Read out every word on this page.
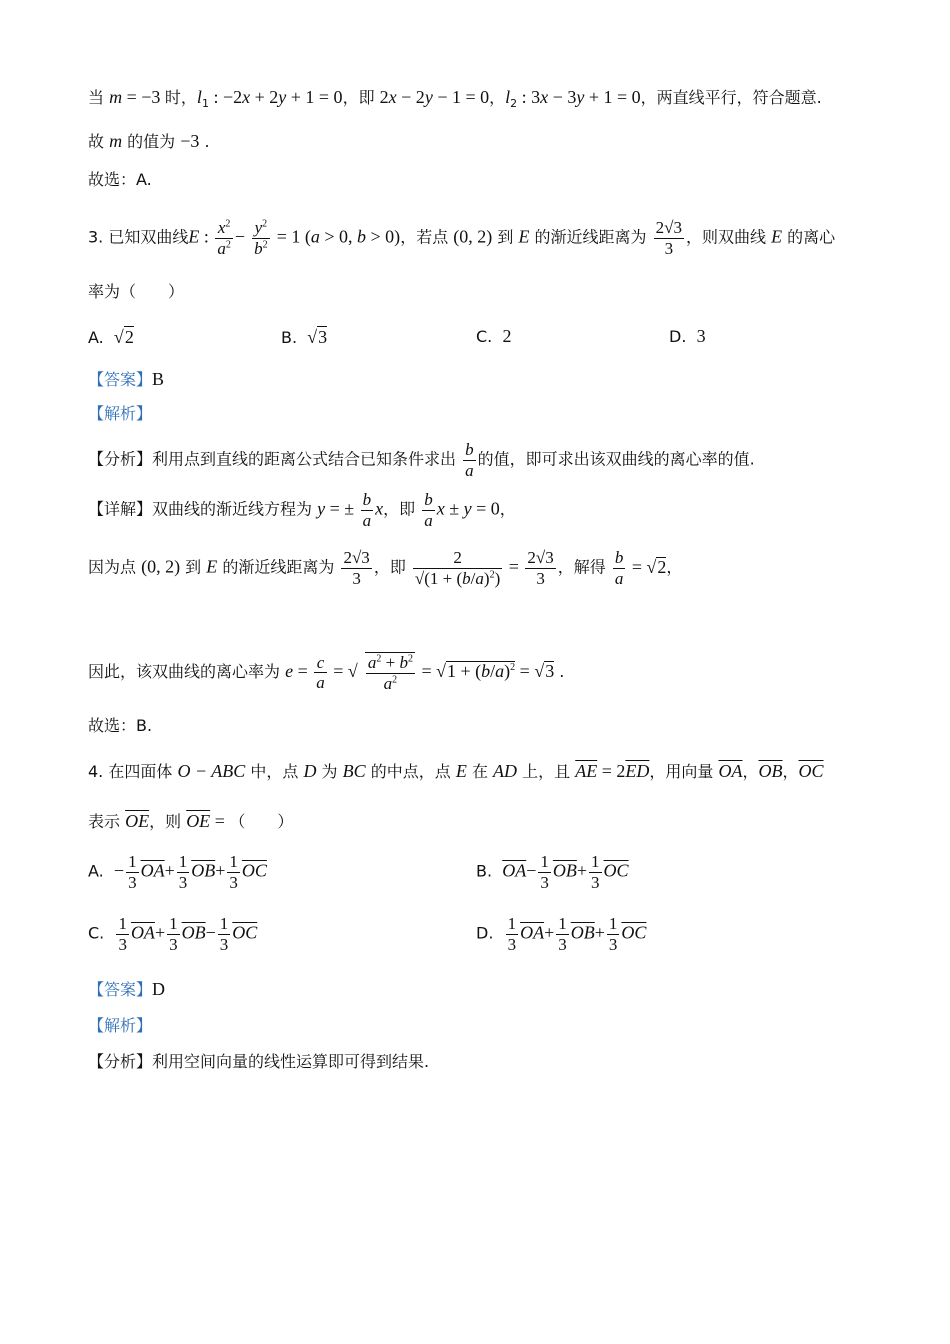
当 m = −3 时，$l_1$ : −2x + 2y + 1 = 0，即 2x − 2y − 1 = 0，$l_2$ : 3x − 3y + 1 = 0，两直线平行，符合题意.
故 m 的值为 −3 .
故选：A.
3. 已知双曲线E : $\frac{x^2}{a^2} - \frac{y^2}{b^2} = 1$ (a > 0, b > 0)，若点 (0, 2) 到 E 的渐近线距离为 $\frac{2√3}{3}$ ，则双曲线 E 的离心
率为（　　）
A. √2	B. √3	C. 2	D. 3
【答案】B
【解析】
【分析】利用点到直线的距离公式结合已知条件求出 $\frac{b}{a}$ 的值，即可求出该双曲线的离心率的值.
【详解】双曲线的渐近线方程为 y = ± $\frac{b}{a}$ x，即 $\frac{b}{a}$ x ± y = 0，
因为点 (0, 2) 到 E 的渐近线距离为 $\frac{2√3}{3}$ ，即 $\frac{2}{√(1 + (b/a)^2)} = \frac{2√3}{3}$ ，解得 $\frac{b}{a} = √2$，
因此，该双曲线的离心率为 $e = \frac{c}{a}$ = √ $\frac{a^2 + b^2}{a^2} = √1 + (b/a)^2 = √3$ .
故选：B.
4. 在四面体 O − ABC 中，点 D 为 BC 的中点，点 E 在 AD 上，且 $\overline{AE} = 2\overline{ED}$，用向量 $\overline{OA}$，$\overline{OB}$，$\overline{OC}$
表示 $\overline{OE}$，则 $\overline{OE}$ = （　　）
A. − $\frac{1}{3} \overline{OA}+ \frac{1}{3} \overline{OB}+ \frac{1}{3} \overline{OC}$	B. $\overline{OA}- \frac{1}{3} \overline{OB}+ \frac{1}{3} \overline{OC}$
C. $\frac{1}{3} \overline{OA}+ \frac{1}{3} \overline{OB}- \frac{1}{3} \overline{OC}$	D. $\frac{1}{3} \overline{OA}+ \frac{1}{3} \overline{OB}+ \frac{1}{3} \overline{OC}$
【答案】D
【解析】
【分析】利用空间向量的线性运算即可得到结果.
